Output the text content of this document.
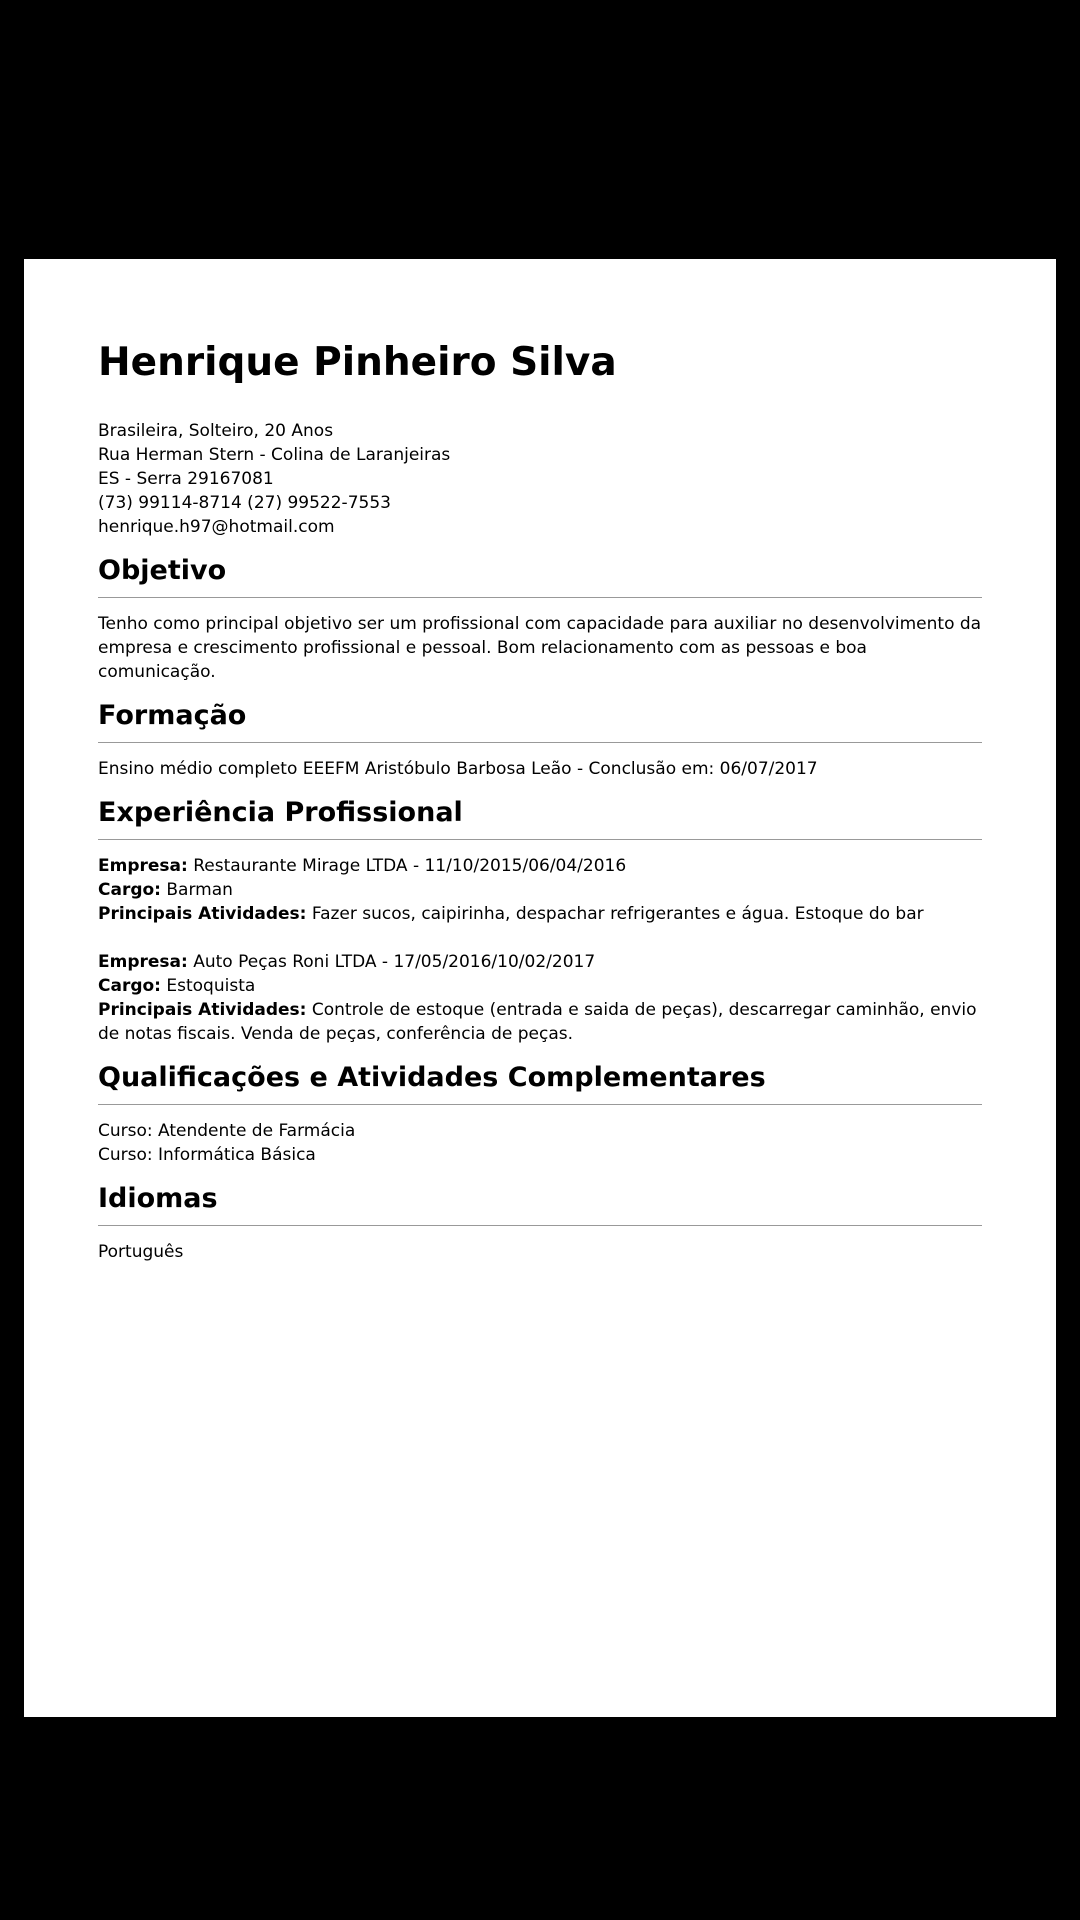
Henrique Pinheiro Silva
Brasileira, Solteiro, 20 Anos
Rua Herman Stern - Colina de Laranjeiras
ES - Serra 29167081
(73) 99114-8714 (27) 99522-7553
henrique.h97@hotmail.com
Objetivo

Tenho como principal objetivo ser um profissional com capacidade para auxiliar no desenvolvimento da empresa e crescimento profissional e pessoal. Bom relacionamento com as pessoas e boa comunicação.

Formação

Ensino médio completo EEEFM Aristóbulo Barbosa Leão - Conclusão em: 06/07/2017

Experiência Profissional
Empresa: Restaurante Mirage LTDA - 11/10/2015/06/04/2016
Cargo: Barman
Principais Atividades: Fazer sucos, caipirinha, despachar refrigerantes e água. Estoque do bar
Empresa: Auto Peças Roni LTDA - 17/05/2016/10/02/2017
Cargo: Estoquista
Principais Atividades: Controle de estoque (entrada e saida de peças), descarregar caminhão, envio de notas fiscais. Venda de peças, conferência de peças.
Qualificações e Atividades Complementares
Curso: Atendente de Farmácia
Curso: Informática Básica
Idiomas
Português
